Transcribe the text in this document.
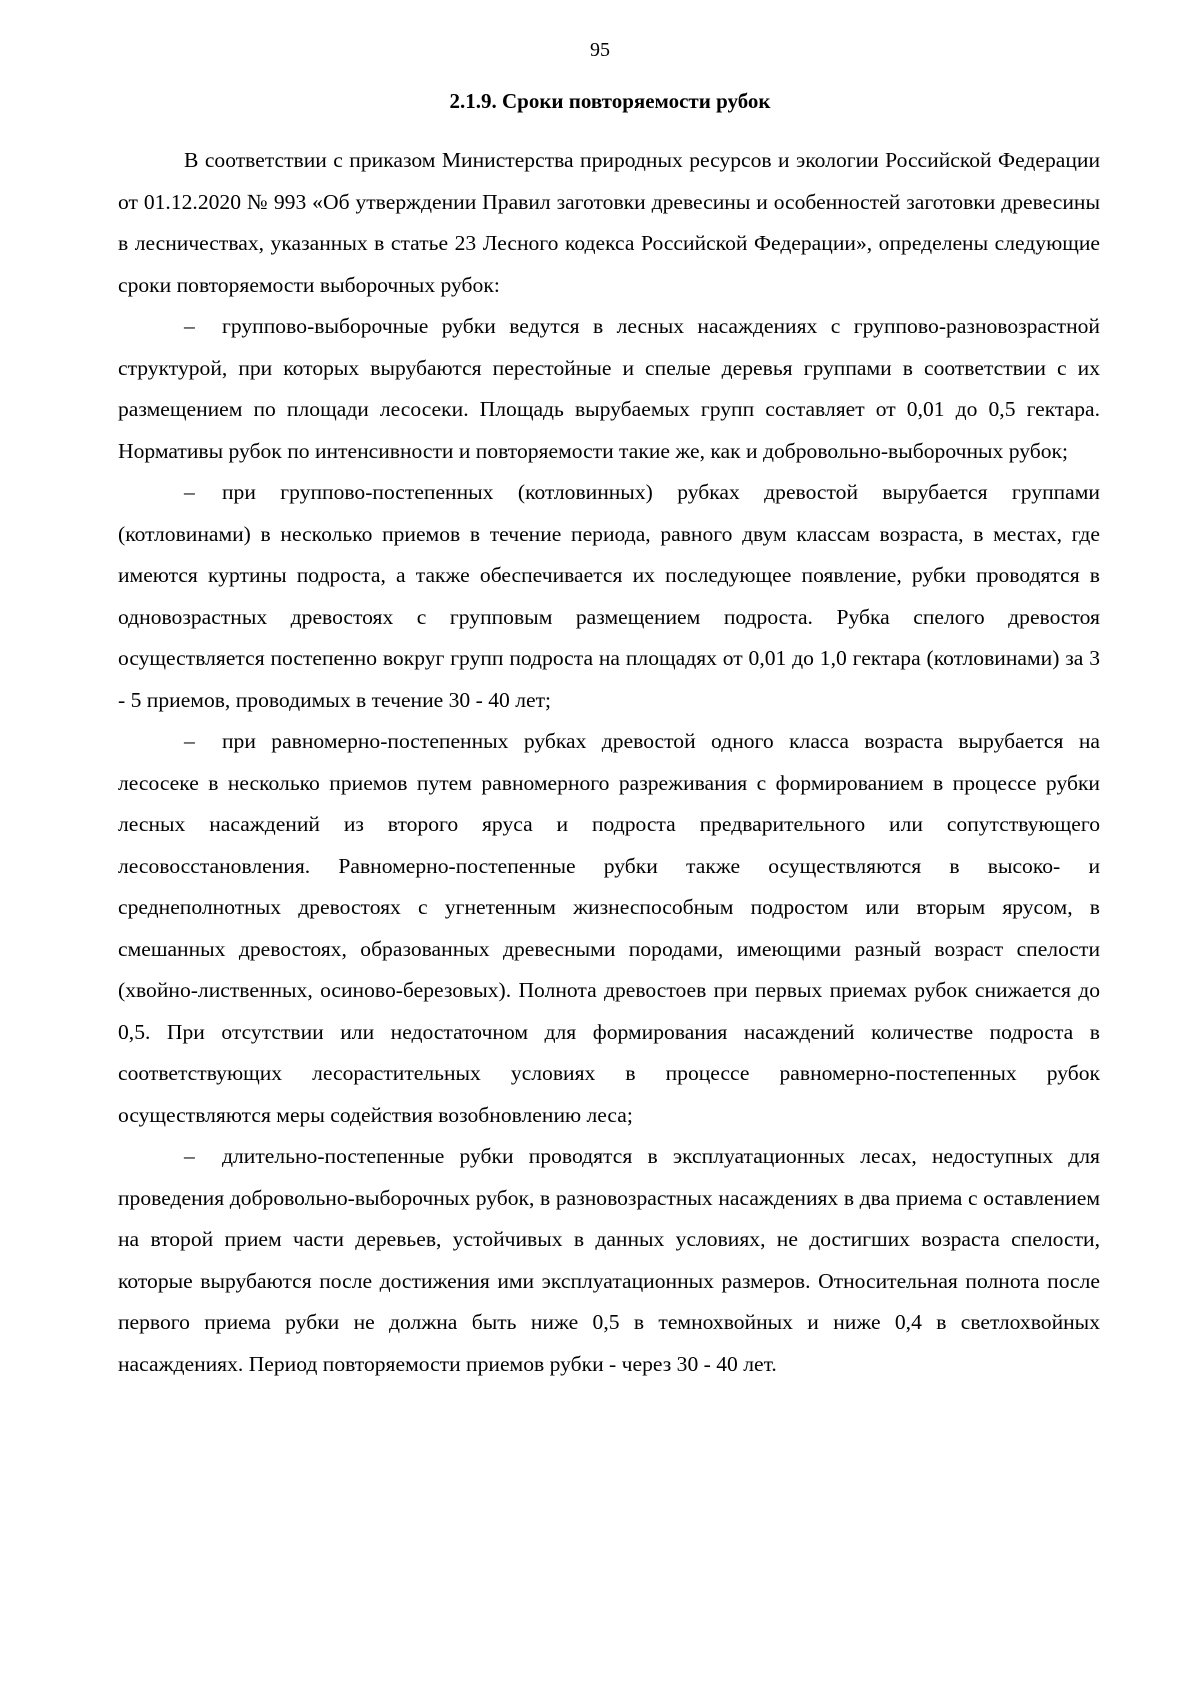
95
2.1.9. Сроки повторяемости рубок

В соответствии с приказом Министерства природных ресурсов и экологии Российской Федерации от 01.12.2020 № 993 «Об утверждении Правил заготовки древесины и особенностей заготовки древесины в лесничествах, указанных в статье 23 Лесного кодекса Российской Федерации», определены следующие сроки повторяемости выборочных рубок:

– групповo-выборочные рубки ведутся в лесных насаждениях с групповo-разновозрастной структурой, при которых вырубаются перестойные и спелые деревья группами в соответствии с их размещением по площади лесосеки. Площадь вырубаемых групп составляет от 0,01 до 0,5 гектара. Нормативы рубок по интенсивности и повторяемости такие же, как и добровольно-выборочных рубок;

– при группово-постепенных (котловинных) рубках древостой вырубается группами (котловинами) в несколько приемов в течение периода, равного двум классам возраста, в местах, где имеются куртины подроста, а также обеспечивается их последующее появление, рубки проводятся в одновозрастных древостоях с групповым размещением подроста. Рубка спелого древостоя осуществляется постепенно вокруг групп подроста на площадях от 0,01 до 1,0 гектара (котловинами) за 3 - 5 приемов, проводимых в течение 30 - 40 лет;

– при равномерно-постепенных рубках древостой одного класса возраста вырубается на лесосеке в несколько приемов путем равномерного разреживания с формированием в процессе рубки лесных насаждений из второго яруса и подроста предварительного или сопутствующего лесовосстановления. Равномерно-постепенные рубки также осуществляются в высоко- и среднеполнотных древостоях с угнетенным жизнеспособным подростом или вторым ярусом, в смешанных древостоях, образованных древесными породами, имеющими разный возраст спелости (хвойно-лиственных, осиново-березовых). Полнота древостоев при первых приемах рубок снижается до 0,5. При отсутствии или недостаточном для формирования насаждений количестве подроста в соответствующих лесорастительных условиях в процессе равномерно-постепенных рубок осуществляются меры содействия возобновлению леса;

– длительно-постепенные рубки проводятся в эксплуатационных лесах, недоступных для проведения добровольно-выборочных рубок, в разновозрастных насаждениях в два приема с оставлением на второй прием части деревьев, устойчивых в данных условиях, не достигших возраста спелости, которые вырубаются после достижения ими эксплуатационных размеров. Относительная полнота после первого приема рубки не должна быть ниже 0,5 в темнохвойных и ниже 0,4 в светлохвойных насаждениях. Период повторяемости приемов рубки - через 30 - 40 лет.
